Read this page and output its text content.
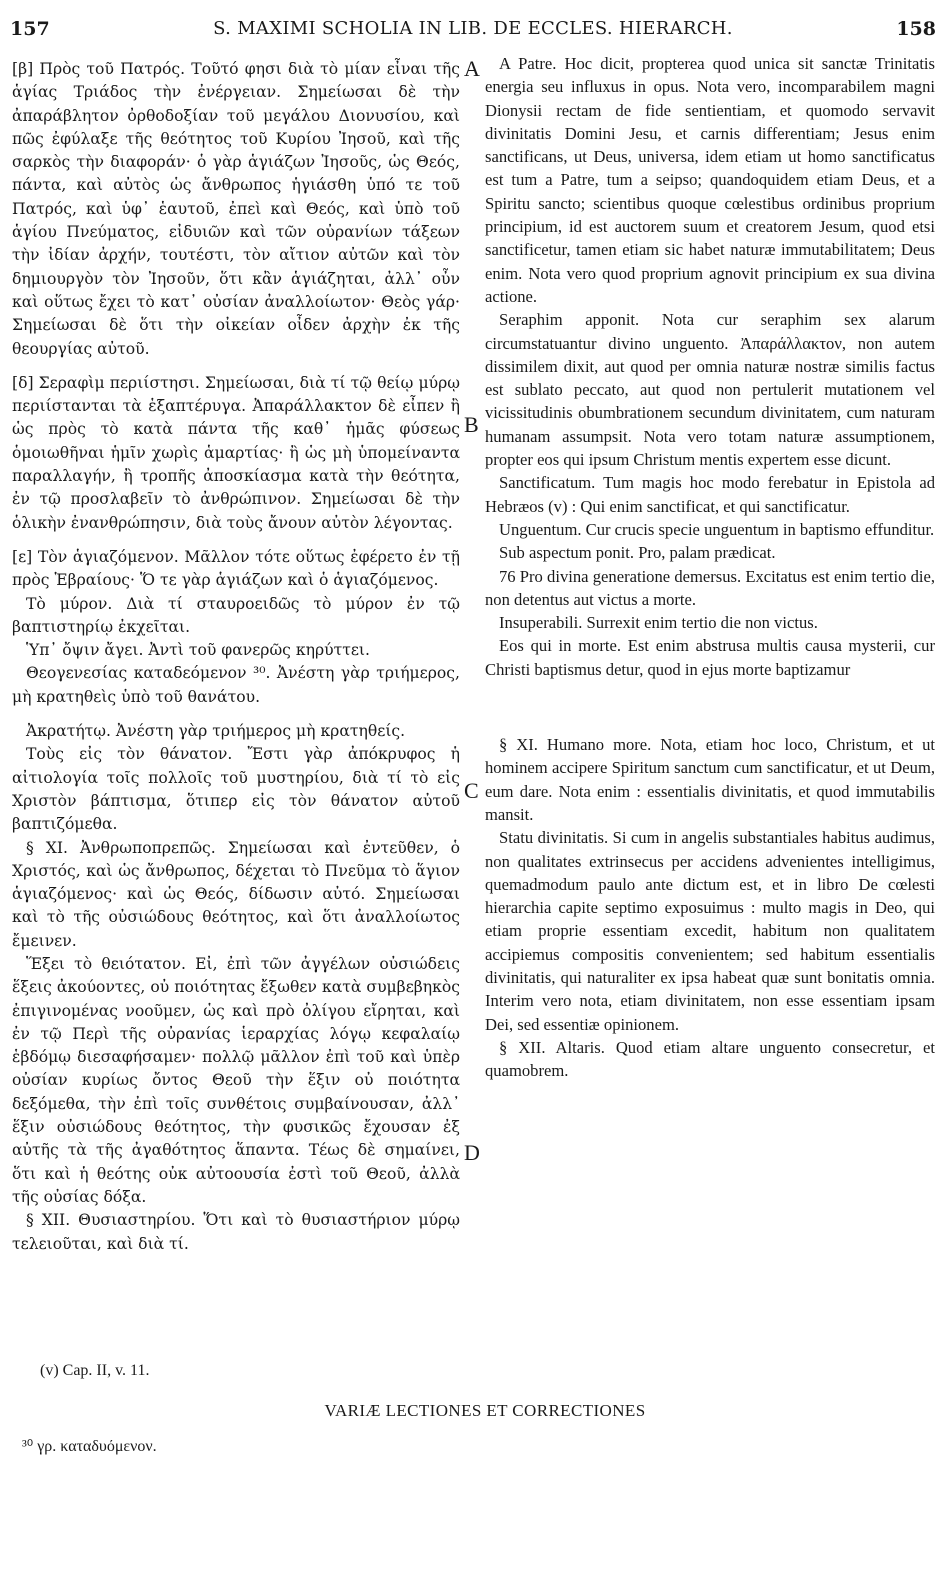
157	S. MAXIMI SCHOLIA IN LIB. DE ECCLES. HIERARCH.	158

[β] Πρὸς τοῦ Πατρός. Τοῦτό φησι διὰ τὸ μίαν εἶναι τῆς ἁγίας Τριάδος τὴν ἐνέργειαν. Σημείωσαι δὲ τὴν ἀπαράβλητον ὀρθοδοξίαν τοῦ μεγάλου Διονυσίου, καὶ πῶς ἐφύλαξε τῆς θεότητος τοῦ Κυρίου Ἰησοῦ, καὶ τῆς σαρκὸς τὴν διαφοράν· ὁ γὰρ ἁγιάζων Ἰησοῦς, ὡς Θεός, πάντα, καὶ αὐτὸς ὡς ἄνθρωπος ἡγιάσθη ὑπό τε τοῦ Πατρός, καὶ ὑφ᾽ ἑαυτοῦ, ἐπεὶ καὶ Θεός, καὶ ὑπὸ τοῦ ἁγίου Πνεύματος, εἰδυιῶν καὶ τῶν οὐρανίων τάξεων τὴν ἰδίαν ἀρχήν, τουτέστι, τὸν αἴτιον αὐτῶν καὶ τὸν δημιουργὸν τὸν Ἰησοῦν, ὅτι κἂν ἁγιάζηται, ἀλλ᾽ οὖν καὶ οὕτως ἔχει τὸ κατ᾽ οὐσίαν ἀναλλοίωτον· Θεὸς γάρ· Σημείωσαι δὲ ὅτι τὴν οἰκείαν οἶδεν ἀρχὴν ἐκ τῆς θεουργίας αὐτοῦ.

[δ] Σεραφὶμ περιίστησι. Σημείωσαι, διὰ τί τῷ θείῳ μύρῳ περιίστανται τὰ ἑξαπτέρυγα. Ἀπαράλλακτον δὲ εἶπεν ἢ ὡς πρὸς τὸ κατὰ πάντα τῆς καθ᾽ ἡμᾶς φύσεως ὁμοιωθῆναι ἡμῖν χωρὶς ἁμαρτίας· ἢ ὡς μὴ ὑπομείναντα παραλλαγήν, ἢ τροπῆς ἀποσκίασμα κατὰ τὴν θεότητα, ἐν τῷ προσλαβεῖν τὸ ἀνθρώπινον. Σημείωσαι δὲ τὴν ὁλικὴν ἐνανθρώπησιν, διὰ τοὺς ἄνουν αὐτὸν λέγοντας.

[ε] Τὸν ἁγιαζόμενον. Μᾶλλον τότε οὕτως ἐφέρετο ἐν τῇ πρὸς Ἑβραίους· Ὅ τε γὰρ ἁγιάζων καὶ ὁ ἁγιαζόμενος.

Τὸ μύρον. Διὰ τί σταυροειδῶς τὸ μύρον ἐν τῷ βαπτιστηρίῳ ἐκχεῖται.

Ὑπ᾽ ὄψιν ἄγει. Ἀντὶ τοῦ φανερῶς κηρύττει.

Θεογενεσίας καταδεόμενον ³⁰. Ἀνέστη γὰρ τριήμερος, μὴ κρατηθεὶς ὑπὸ τοῦ θανάτου.

Ἀκρατήτῳ. Ἀνέστη γὰρ τριήμερος μὴ κρατηθείς.

Τοὺς εἰς τὸν θάνατον. Ἔστι γὰρ ἀπόκρυφος ἡ αἰτιολογία τοῖς πολλοῖς τοῦ μυστηρίου, διὰ τί τὸ εἰς Χριστὸν βάπτισμα, ὅτιπερ εἰς τὸν θάνατον αὐτοῦ βαπτιζόμεθα.

§ XI. Ἀνθρωποπρεπῶς. Σημείωσαι καὶ ἐντεῦθεν, ὁ Χριστός, καὶ ὡς ἄνθρωπος, δέχεται τὸ Πνεῦμα τὸ ἅγιον ἁγιαζόμενος· καὶ ὡς Θεός, δίδωσιν αὐτό. Σημείωσαι καὶ τὸ τῆς οὐσιώδους θεότητος, καὶ ὅτι ἀναλλοίωτος ἔμεινεν.

Ἕξει τὸ θειότατον. Εἰ, ἐπὶ τῶν ἀγγέλων οὐσιώδεις ἕξεις ἀκούοντες, οὐ ποιότητας ἔξωθεν κατὰ συμβεβηκὸς ἐπιγινομένας νοοῦμεν, ὡς καὶ πρὸ ὀλίγου εἴρηται, καὶ ἐν τῷ Περὶ τῆς οὐρανίας ἱεραρχίας λόγῳ κεφαλαίῳ ἑβδόμῳ διεσαφήσαμεν· πολλῷ μᾶλλον ἐπὶ τοῦ καὶ ὑπὲρ οὐσίαν κυρίως ὄντος Θεοῦ τὴν ἕξιν οὐ ποιότητα δεξόμεθα, τὴν ἐπὶ τοῖς συνθέτοις συμβαίνουσαν, ἀλλ᾽ ἕξιν οὐσιώδους θεότητος, τὴν φυσικῶς ἔχουσαν ἐξ αὐτῆς τὰ τῆς ἀγαθότητος ἅπαντα. Τέως δὲ σημαίνει, ὅτι καὶ ἡ θεότης οὐκ αὐτοουσία ἐστὶ τοῦ Θεοῦ, ἀλλὰ τῆς οὐσίας δόξα.

§ XII. Θυσιαστηρίου. Ὅτι καὶ τὸ θυσιαστήριον μύρῳ τελειοῦται, καὶ διὰ τί.

A
B
C
D

A Patre. Hoc dicit, propterea quod unica sit sanctæ Trinitatis energia seu influxus in opus. Nota vero, incomparabilem magni Dionysii rectam de fide sentientiam, et quomodo servavit divinitatis Domini Jesu, et carnis differentiam; Jesus enim sanctificans, ut Deus, universa, idem etiam ut homo sanctificatus est tum a Patre, tum a seipso; quandoquidem etiam Deus, et a Spiritu sancto; scientibus quoque cœlestibus ordinibus proprium principium, id est auctorem suum et creatorem Jesum, quod etsi sanctificetur, tamen etiam sic habet naturæ immutabilitatem; Deus enim. Nota vero quod proprium agnovit principium ex sua divina actione.

Seraphim apponit. Nota cur seraphim sex alarum circumstatuantur divino unguento. Ἀπαράλλακτον, non autem dissimilem dixit, aut quod per omnia naturæ nostræ similis factus est sublato peccato, aut quod non pertulerit mutationem vel vicissitudinis obumbrationem secundum divinitatem, cum naturam humanam assumpsit. Nota vero totam naturæ assumptionem, propter eos qui ipsum Christum mentis expertem esse dicunt.

Sanctificatum. Tum magis hoc modo ferebatur in Epistola ad Hebræos (v) : Qui enim sanctificat, et qui sanctificatur.

Unguentum. Cur crucis specie unguentum in baptismo effunditur.

Sub aspectum ponit. Pro, palam prædicat.

76 Pro divina generatione demersus. Excitatus est enim tertio die, non detentus aut victus a morte.

Insuperabili. Surrexit enim tertio die non victus.

Eos qui in morte. Est enim abstrusa multis causa mysterii, cur Christi baptismus detur, quod in ejus morte baptizamur

§ XI. Humano more. Nota, etiam hoc loco, Christum, et ut hominem accipere Spiritum sanctum cum sanctificatur, et ut Deum, eum dare. Nota enim : essentialis divinitatis, et quod immutabilis mansit.

Statu divinitatis. Si cum in angelis substantiales habitus audimus, non qualitates extrinsecus per accidens advenientes intelligimus, quemadmodum paulo ante dictum est, et in libro De cœlesti hierarchia capite septimo exposuimus : multo magis in Deo, qui etiam proprie essentiam excedit, habitum non qualitatem accipiemus compositis convenientem; sed habitum essentialis divinitatis, qui naturaliter ex ipsa habeat quæ sunt bonitatis omnia. Interim vero nota, etiam divinitatem, non esse essentiam ipsam Dei, sed essentiæ opinionem.

§ XII. Altaris. Quod etiam altare unguento consecretur, et quamobrem.

(v) Cap. II, v. 11.
³⁰ γρ. καταδυόμενον.
VARIÆ LECTIONES ET CORRECTIONES
